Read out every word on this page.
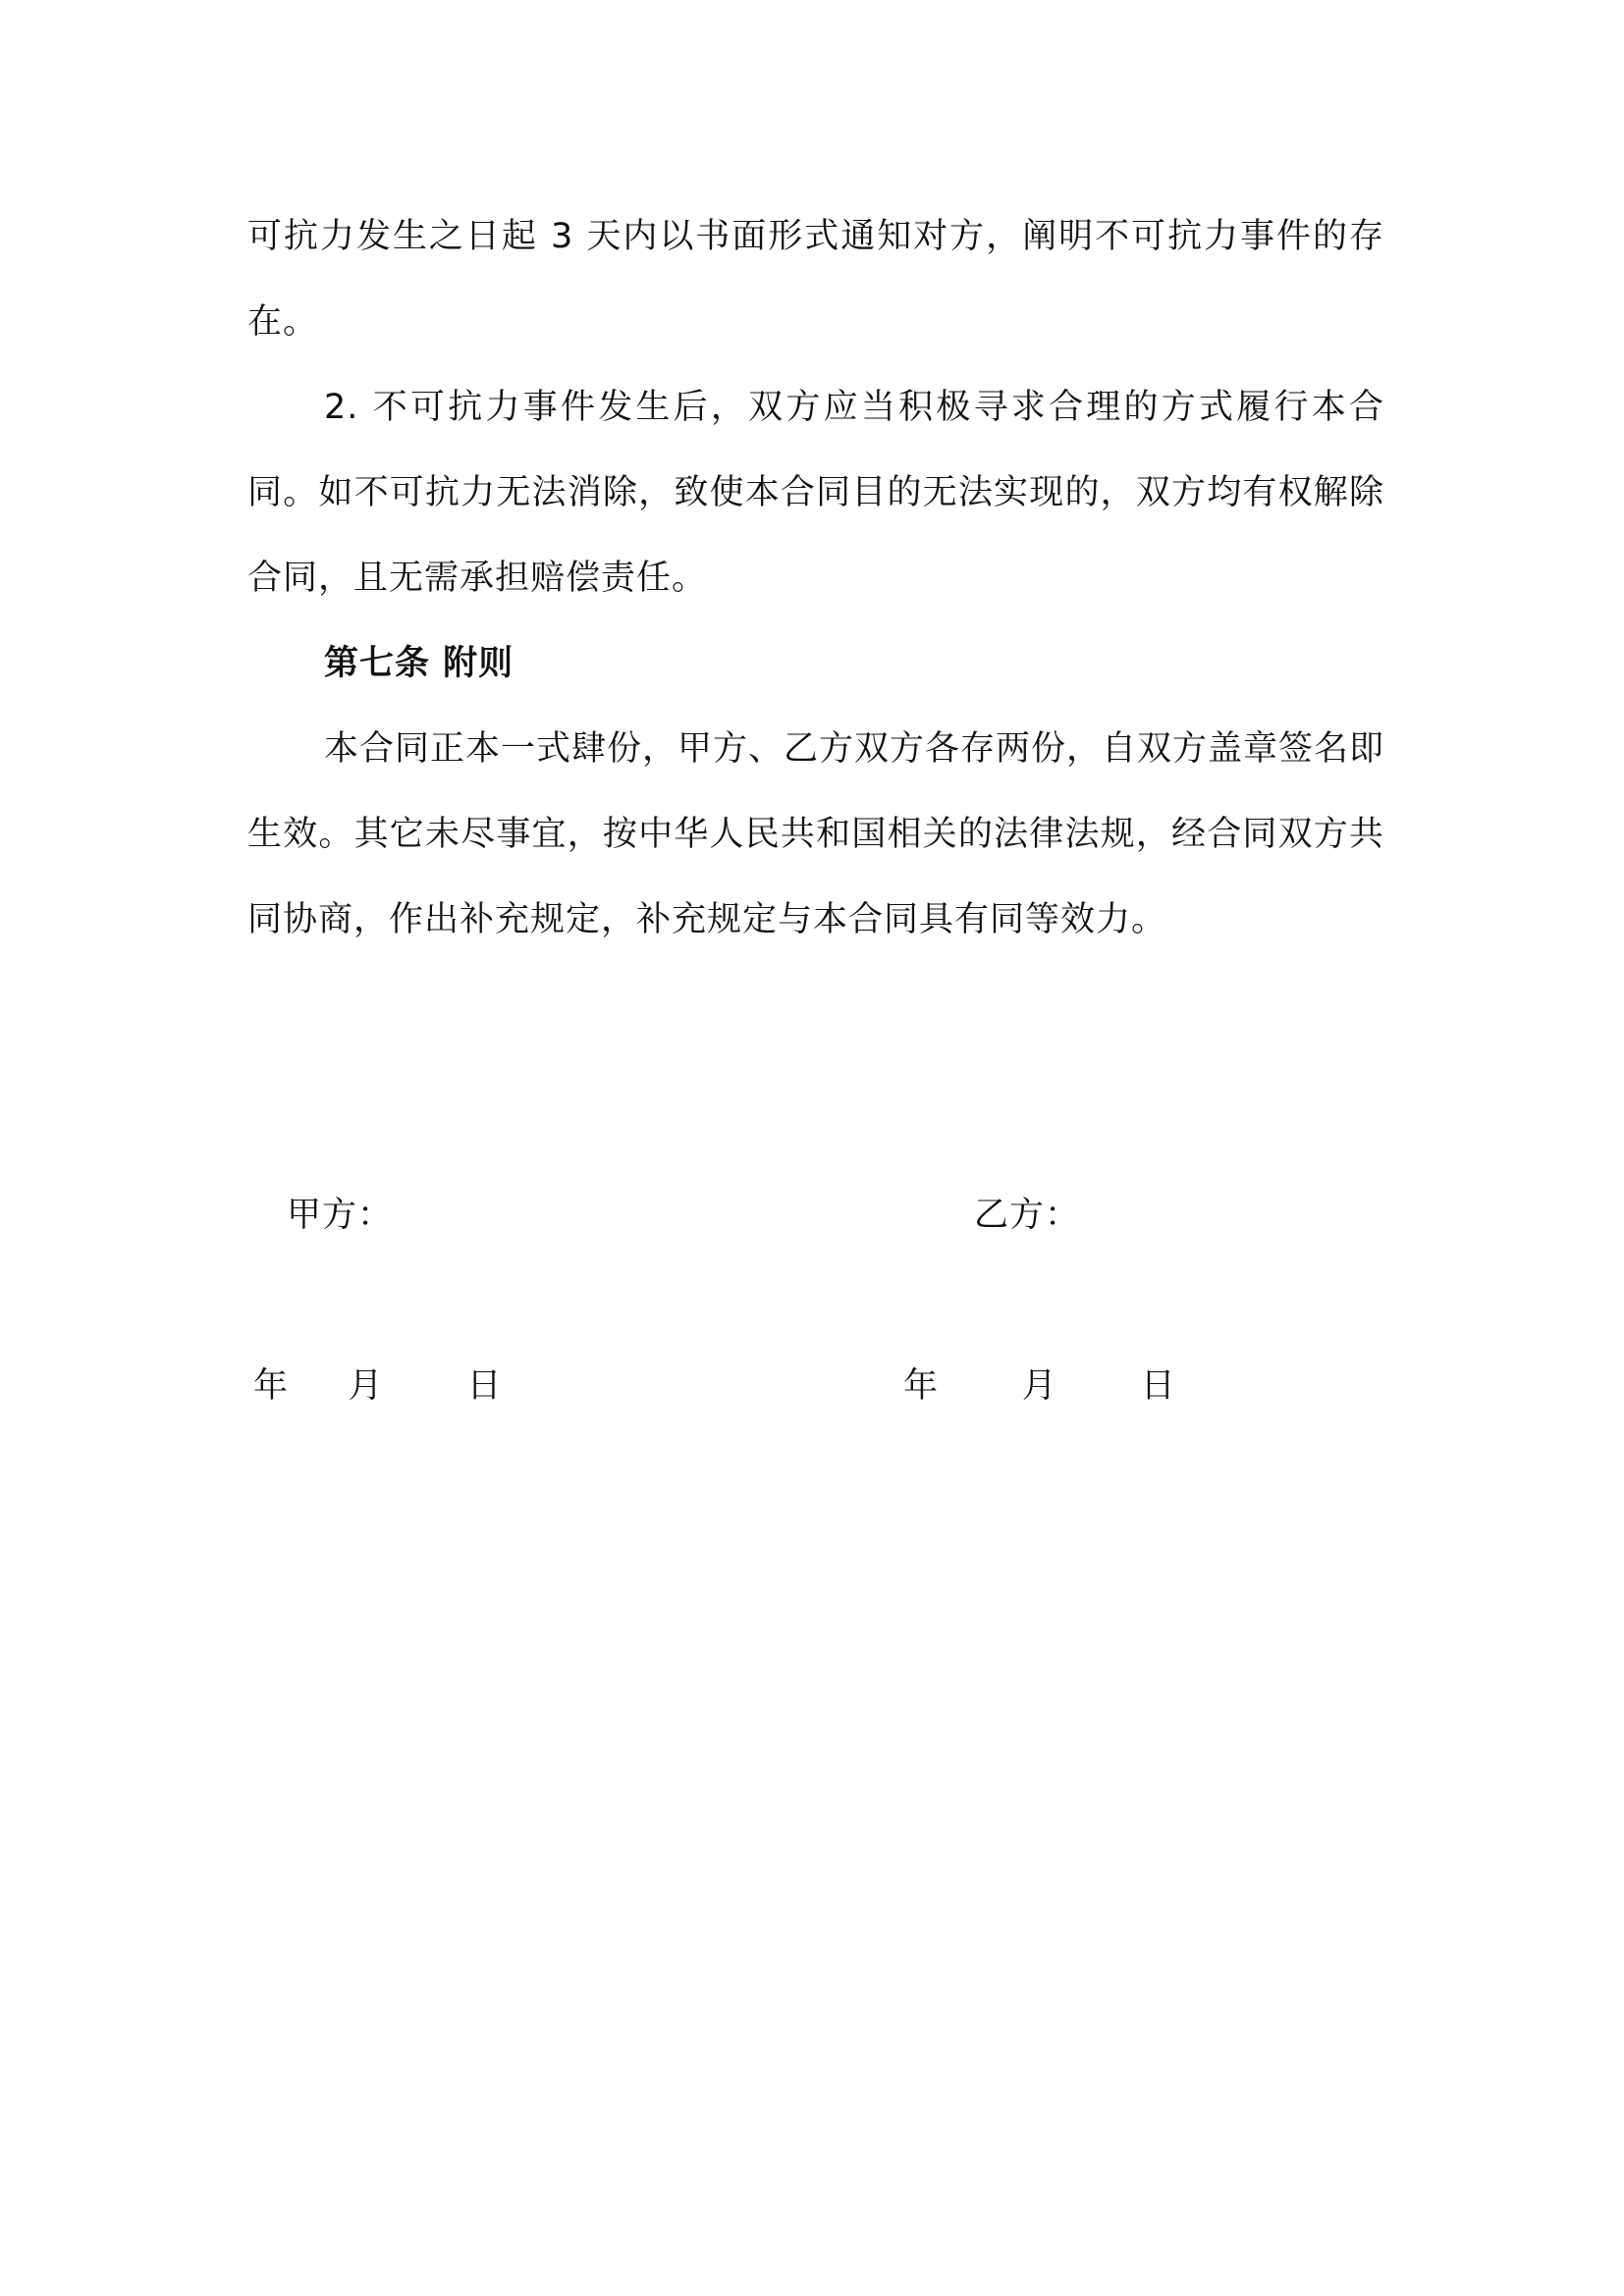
可抗力发生之日起 3 天内以书面形式通知对方，阐明不可抗力事件的存在。

2. 不可抗力事件发生后，双方应当积极寻求合理的方式履行本合同。如不可抗力无法消除，致使本合同目的无法实现的，双方均有权解除合同，且无需承担赔偿责任。

第七条 附则

本合同正本一式肆份，甲方、乙方双方各存两份，自双方盖章签名即生效。其它未尽事宜，按中华人民共和国相关的法律法规，经合同双方共同协商，作出补充规定，补充规定与本合同具有同等效力。

甲方：	乙方：
年     月       日	年       月       日
